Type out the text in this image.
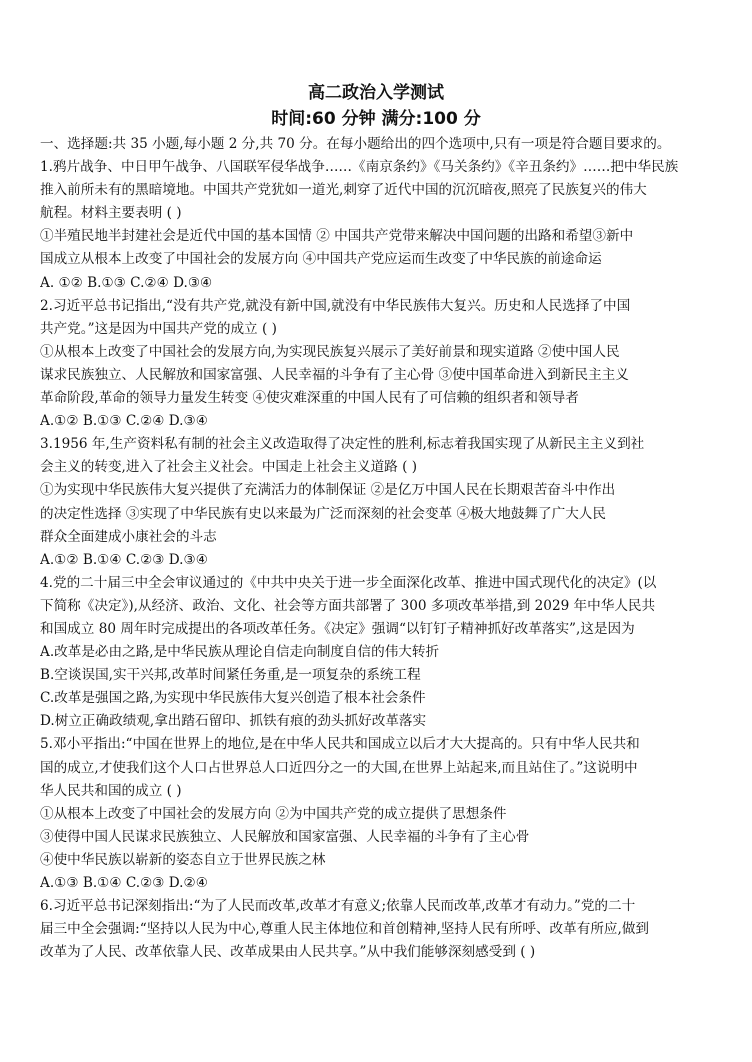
高二政治入学测试
时间:60 分钟 满分:100 分
一、选择题:共 35 小题,每小题 2 分,共 70 分。在每小题给出的四个选项中,只有一项是符合题目要求的。
1.鸦片战争、中日甲午战争、八国联军侵华战争……《南京条约》《马关条约》《辛丑条约》……把中华民族
推入前所未有的黑暗境地。中国共产党犹如一道光,刺穿了近代中国的沉沉暗夜,照亮了民族复兴的伟大
航程。材料主要表明 ( )
①半殖民地半封建社会是近代中国的基本国情 ② 中国共产党带来解决中国问题的出路和希望③新中
国成立从根本上改变了中国社会的发展方向 ④中国共产党应运而生改变了中华民族的前途命运
A. ①② B.①③ C.②④ D.③④
2.习近平总书记指出,“没有共产党,就没有新中国,就没有中华民族伟大复兴。历史和人民选择了中国
共产党。”这是因为中国共产党的成立 ( )
①从根本上改变了中国社会的发展方向,为实现民族复兴展示了美好前景和现实道路 ②使中国人民
谋求民族独立、人民解放和国家富强、人民幸福的斗争有了主心骨 ③使中国革命进入到新民主主义
革命阶段,革命的领导力量发生转变 ④使灾难深重的中国人民有了可信赖的组织者和领导者
A.①② B.①③ C.②④ D.③④
3.1956 年,生产资料私有制的社会主义改造取得了决定性的胜利,标志着我国实现了从新民主主义到社
会主义的转变,进入了社会主义社会。中国走上社会主义道路 ( )
①为实现中华民族伟大复兴提供了充满活力的体制保证 ②是亿万中国人民在长期艰苦奋斗中作出
的决定性选择 ③实现了中华民族有史以来最为广泛而深刻的社会变革 ④极大地鼓舞了广大人民
群众全面建成小康社会的斗志
A.①② B.①④ C.②③ D.③④
4.党的二十届三中全会审议通过的《中共中央关于进一步全面深化改革、推进中国式现代化的决定》(以
下简称《决定》),从经济、政治、文化、社会等方面共部署了 300 多项改革举措,到 2029 年中华人民共
和国成立 80 周年时完成提出的各项改革任务。《决定》强调“以钉钉子精神抓好改革落实”,这是因为
A.改革是必由之路,是中华民族从理论自信走向制度自信的伟大转折
B.空谈误国,实干兴邦,改革时间紧任务重,是一项复杂的系统工程
C.改革是强国之路,为实现中华民族伟大复兴创造了根本社会条件
D.树立正确政绩观,拿出踏石留印、抓铁有痕的劲头抓好改革落实
5.邓小平指出:“中国在世界上的地位,是在中华人民共和国成立以后才大大提高的。只有中华人民共和
国的成立,才使我们这个人口占世界总人口近四分之一的大国,在世界上站起来,而且站住了。”这说明中
华人民共和国的成立 ( )
①从根本上改变了中国社会的发展方向 ②为中国共产党的成立提供了思想条件
③使得中国人民谋求民族独立、人民解放和国家富强、人民幸福的斗争有了主心骨
④使中华民族以崭新的姿态自立于世界民族之林
A.①③ B.①④ C.②③ D.②④
6.习近平总书记深刻指出:“为了人民而改革,改革才有意义;依靠人民而改革,改革才有动力。”党的二十
届三中全会强调:“坚持以人民为中心,尊重人民主体地位和首创精神,坚持人民有所呼、改革有所应,做到
改革为了人民、改革依靠人民、改革成果由人民共享。”从中我们能够深刻感受到 ( )
